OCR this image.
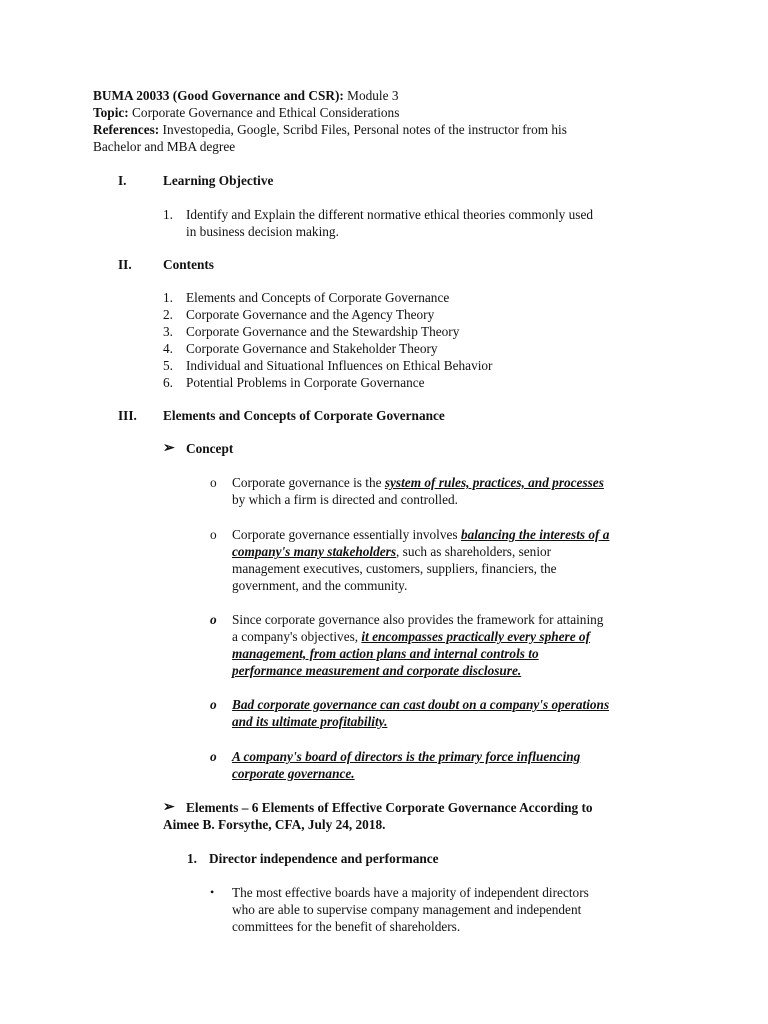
BUMA 20033 (Good Governance and CSR): Module 3
Topic: Corporate Governance and Ethical Considerations
References: Investopedia, Google, Scribd Files, Personal notes of the instructor from his
Bachelor and MBA degree
I.	Learning Objective
1. Identify and Explain the different normative ethical theories commonly used
in business decision making.
II. Contents
1. Elements and Concepts of Corporate Governance
2. Corporate Governance and the Agency Theory
3. Corporate Governance and the Stewardship Theory
4. Corporate Governance and Stakeholder Theory
5. Individual and Situational Influences on Ethical Behavior
6. Potential Problems in Corporate Governance
III. Elements and Concepts of Corporate Governance
➢ Concept
o Corporate governance is the system of rules, practices, and processes
by which a firm is directed and controlled.
o Corporate governance essentially involves balancing the interests of a
company's many stakeholders, such as shareholders, senior
management executives, customers, suppliers, financiers, the
government, and the community.
o Since corporate governance also provides the framework for attaining
a company's objectives, it encompasses practically every sphere of
management, from action plans and internal controls to
performance measurement and corporate disclosure.
o Bad corporate governance can cast doubt on a company's operations
and its ultimate profitability.
o A company's board of directors is the primary force influencing
corporate governance.
➢ Elements – 6 Elements of Effective Corporate Governance According to
Aimee B. Forsythe, CFA, July 24, 2018.
1. Director independence and performance
• The most effective boards have a majority of independent directors
who are able to supervise company management and independent
committees for the benefit of shareholders.
